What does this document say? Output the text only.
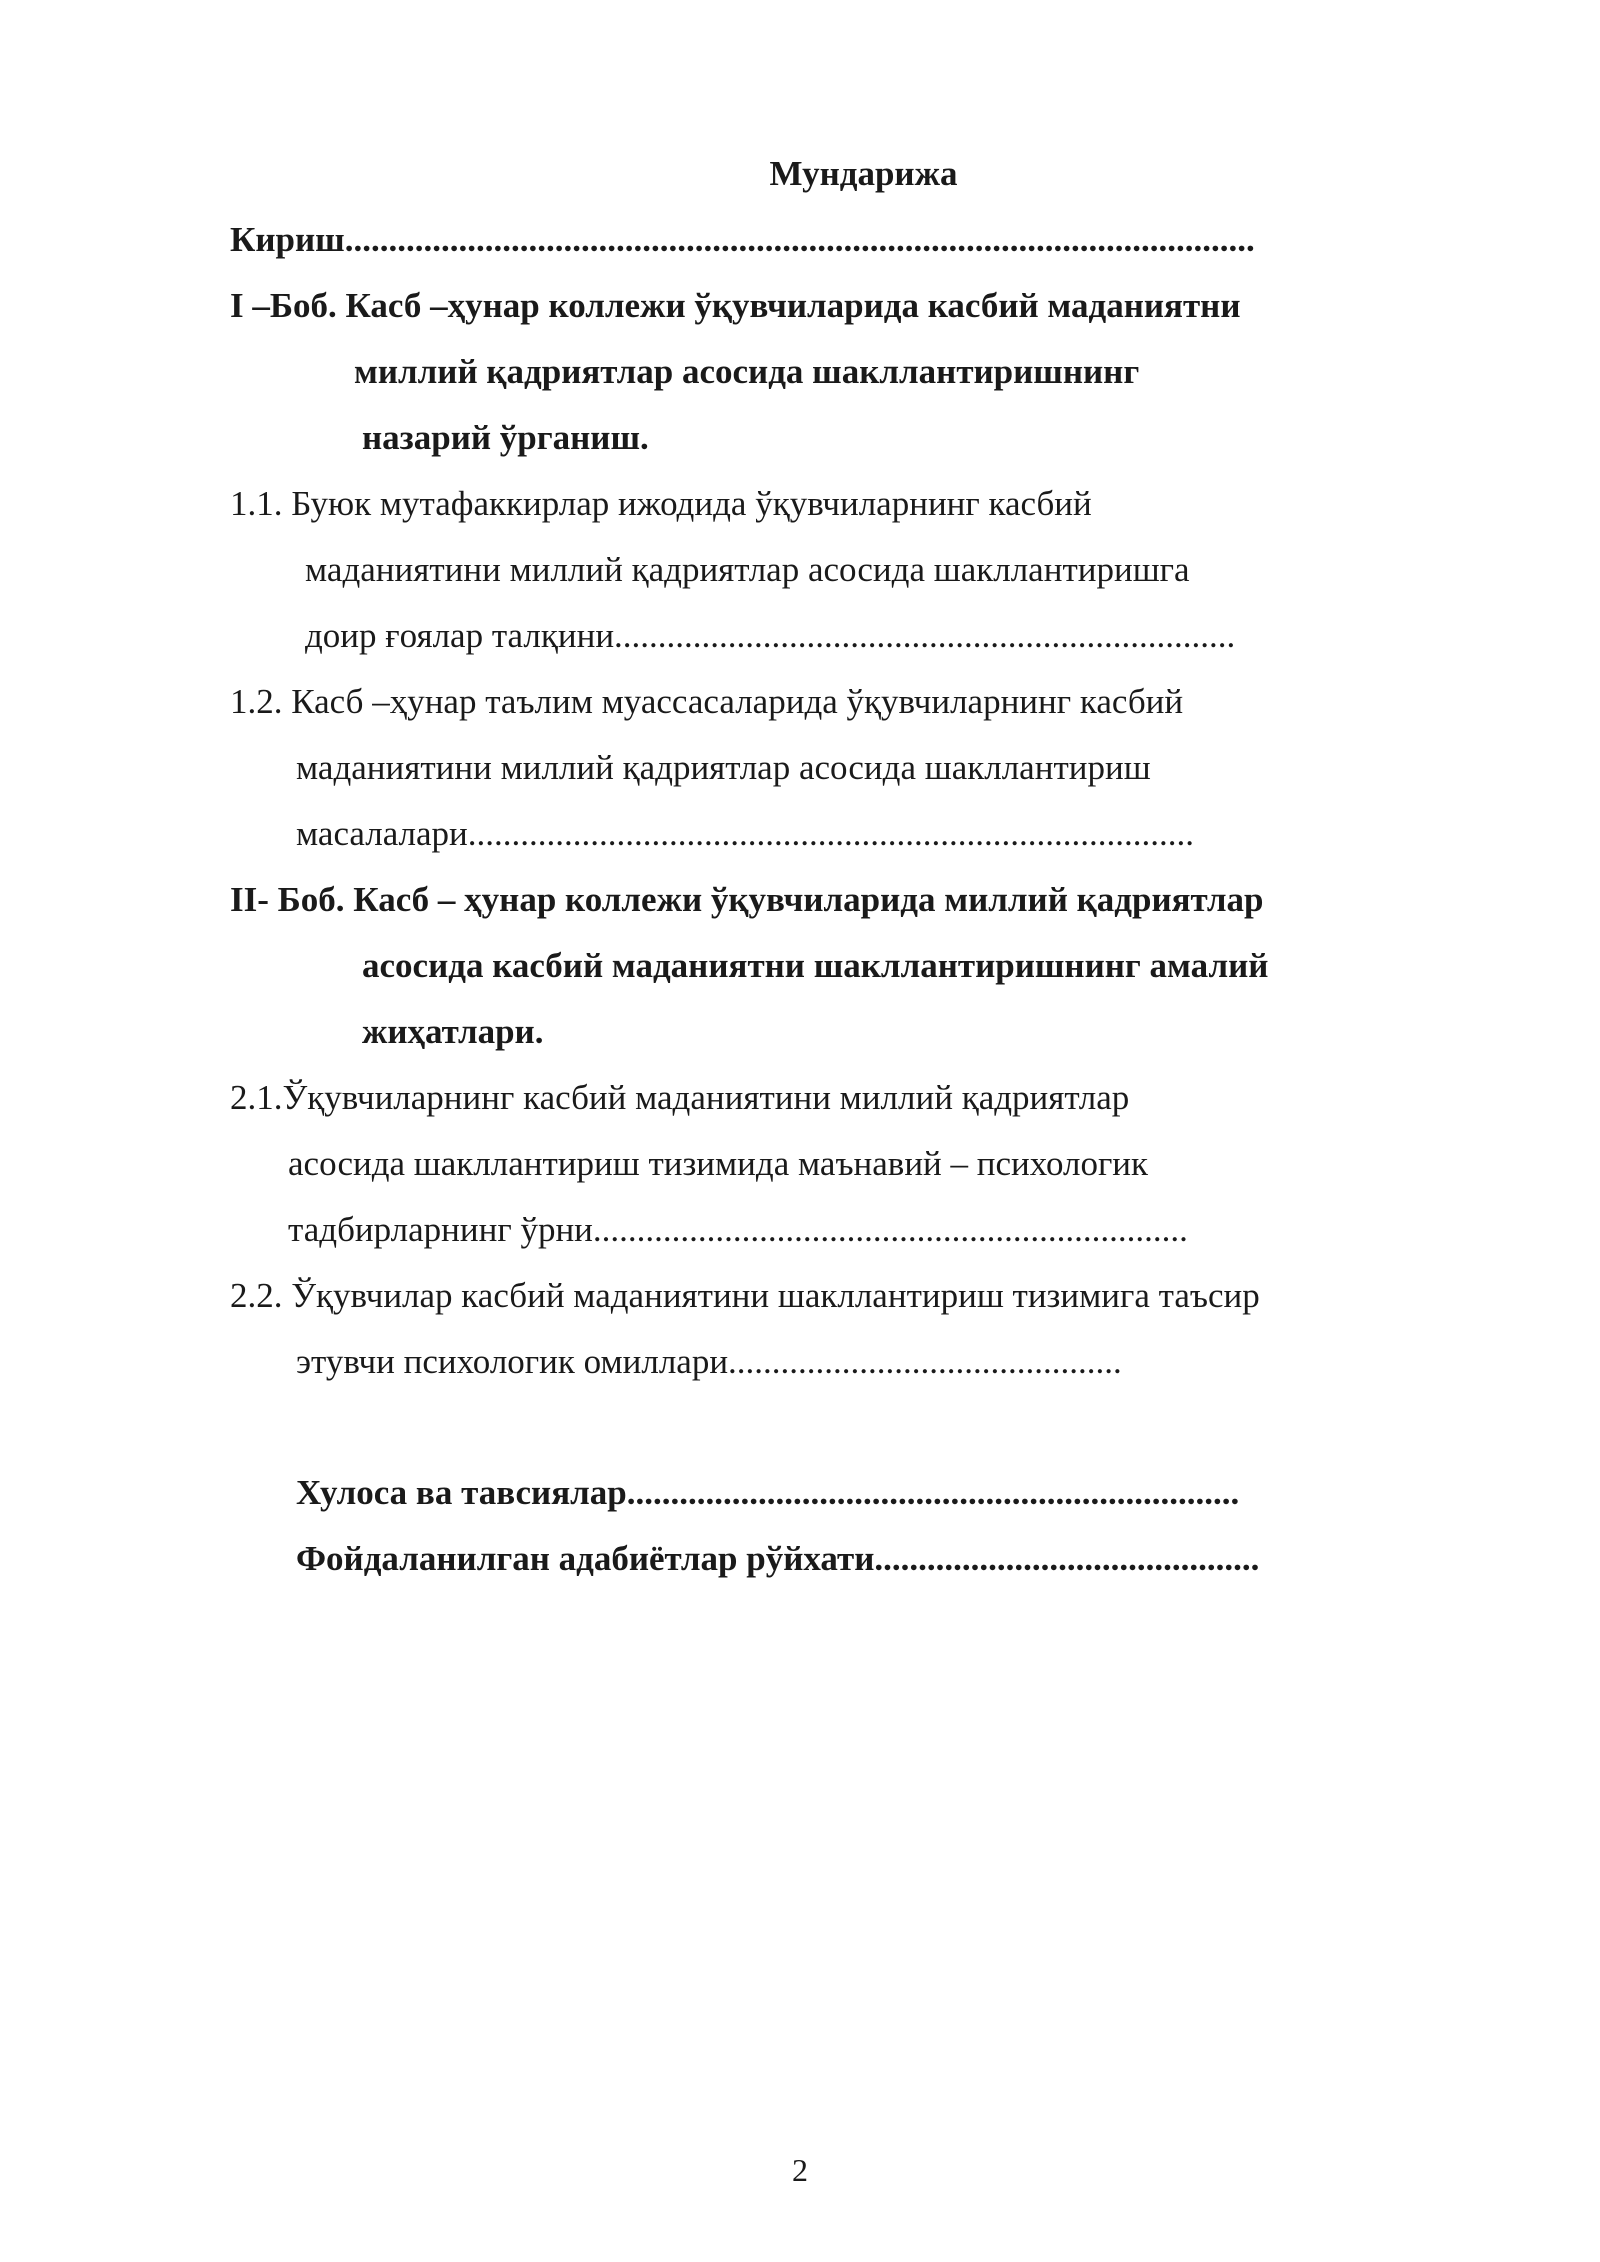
Мундарижа
Кириш........................................................................................................
I –Боб. Касб –ҳунар коллежи ўқувчиларида касбий маданиятни
миллий қадриятлар асосида шакллантиришнинг
назарий ўрганиш.
1.1. Буюк мутафаккирлар ижодида ўқувчиларнинг касбий
маданиятини миллий қадриятлар асосида шакллантиришга
доир ғоялар талқини.......................................................................
1.2. Касб –ҳунар таълим муассасаларида ўқувчиларнинг касбий
маданиятини миллий қадриятлар асосида шакллантириш
масалалари...................................................................................
II- Боб. Касб – ҳунар коллежи ўқувчиларида миллий қадриятлар
асосида касбий маданиятни шакллантиришнинг амалий
жиҳатлари.
2.1.Ўқувчиларнинг касбий маданиятини миллий қадриятлар
асосида шакллантириш тизимида маънавий – психологик
тадбирларнинг ўрни....................................................................
2.2. Ўқувчилар касбий маданиятини шакллантириш тизимига таъсир
этувчи психологик омиллари.............................................
Хулоса ва тавсиялар......................................................................
Фойдаланилган адабиётлар рўйхати............................................
2
